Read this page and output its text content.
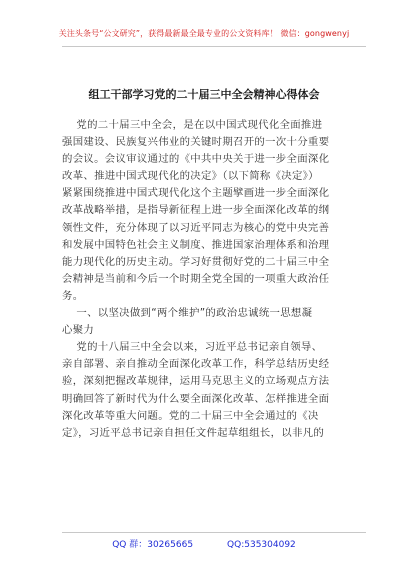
关注头条号“公文研究”，获得最新最全最专业的公文资料库！ 微信：gongwenyj
组工干部学习党的二十届三中全会精神心得体会
党的二十届三中全会，是在以中国式现代化全面推进
强国建设、民族复兴伟业的关键时期召开的一次十分重要
的会议。会议审议通过的《中共中央关于进一步全面深化
改革、推进中国式现代化的决定》（以下简称《决定》）
紧紧围绕推进中国式现代化这个主题擘画进一步全面深化
改革战略举措，是指导新征程上进一步全面深化改革的纲
领性文件，充分体现了以习近平同志为核心的党中央完善
和发展中国特色社会主义制度、推进国家治理体系和治理
能力现代化的历史主动。学习好贯彻好党的二十届三中全
会精神是当前和今后一个时期全党全国的一项重大政治任
务。
一、以坚决做到“两个维护”的政治忠诚统一思想凝
心聚力
党的十八届三中全会以来，习近平总书记亲自领导、
亲自部署、亲自推动全面深化改革工作，科学总结历史经
验，深刻把握改革规律，运用马克思主义的立场观点方法
明确回答了新时代为什么要全面深化改革、怎样推进全面
深化改革等重大问题。党的二十届三中全会通过的《决
定》，习近平总书记亲自担任文件起草组组长，以非凡的
QQ 群：30265665	QQ:535304092
